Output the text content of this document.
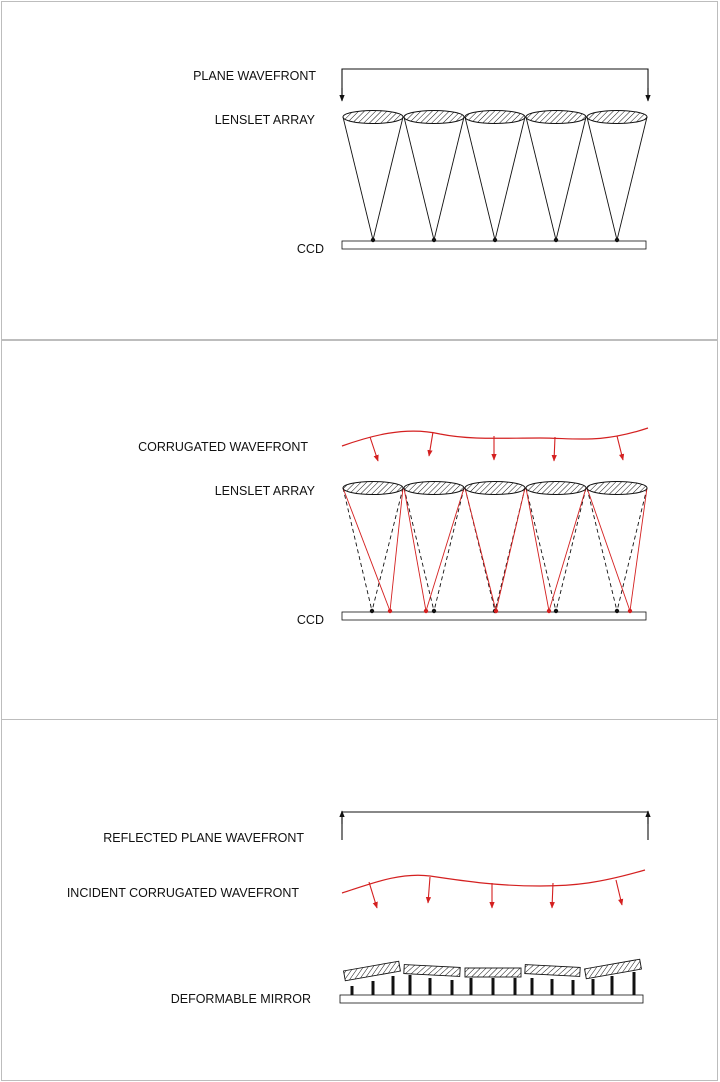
PLANE WAVEFRONT
LENSLET ARRAY
CCD
CORRUGATED WAVEFRONT
LENSLET ARRAY
CCD
REFLECTED PLANE WAVEFRONT
INCIDENT CORRUGATED WAVEFRONT
DEFORMABLE MIRROR
